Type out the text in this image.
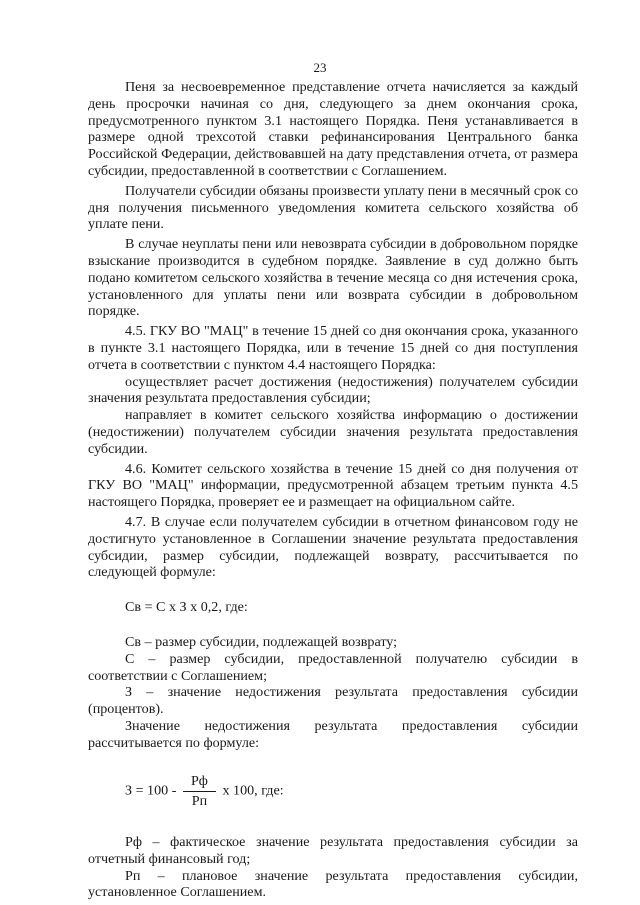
23

Пеня за несвоевременное представление отчета начисляется за каждый день просрочки начиная со дня, следующего за днем окончания срока, предусмотренного пунктом 3.1 настоящего Порядка. Пеня устанавливается в размере одной трехсотой ставки рефинансирования Центрального банка Российской Федерации, действовавшей на дату представления отчета, от размера субсидии, предоставленной в соответствии с Соглашением.

Получатели субсидии обязаны произвести уплату пени в месячный срок со дня получения письменного уведомления комитета сельского хозяйства об уплате пени.

В случае неуплаты пени или невозврата субсидии в добровольном порядке взыскание производится в судебном порядке. Заявление в суд должно быть подано комитетом сельского хозяйства в течение месяца со дня истечения срока, установленного для уплаты пени или возврата субсидии в добровольном порядке.

4.5. ГКУ ВО "МАЦ" в течение 15 дней со дня окончания срока, указанного в пункте 3.1 настоящего Порядка, или в течение 15 дней со дня поступления отчета в соответствии с пунктом 4.4 настоящего Порядка:

осуществляет расчет достижения (недостижения) получателем субсидии значения результата предоставления субсидии;

направляет в комитет сельского хозяйства информацию о достижении (недостижении) получателем субсидии значения результата предоставления субсидии.

4.6. Комитет сельского хозяйства в течение 15 дней со дня получения от ГКУ ВО "МАЦ" информации, предусмотренной абзацем третьим пункта 4.5 настоящего Порядка, проверяет ее и размещает на официальном сайте.

4.7. В случае если получателем субсидии в отчетном финансовом году не достигнуто установленное в Соглашении значение результата предоставления субсидии, размер субсидии, подлежащей возврату, рассчитывается по следующей формуле:

Св = С х З х 0,2, где:

Св – размер субсидии, подлежащей возврату;

С – размер субсидии, предоставленной получателю субсидии в соответствии с Соглашением;

З – значение недостижения результата предоставления субсидии (процентов).

Значение недостижения результата предоставления субсидии рассчитывается по формуле:

$З = 100 - \frac{Рф}{Рп}$ х 100, где:

Рф – фактическое значение результата предоставления субсидии за отчетный финансовый год;

Рп – плановое значение результата предоставления субсидии, установленное Соглашением.
